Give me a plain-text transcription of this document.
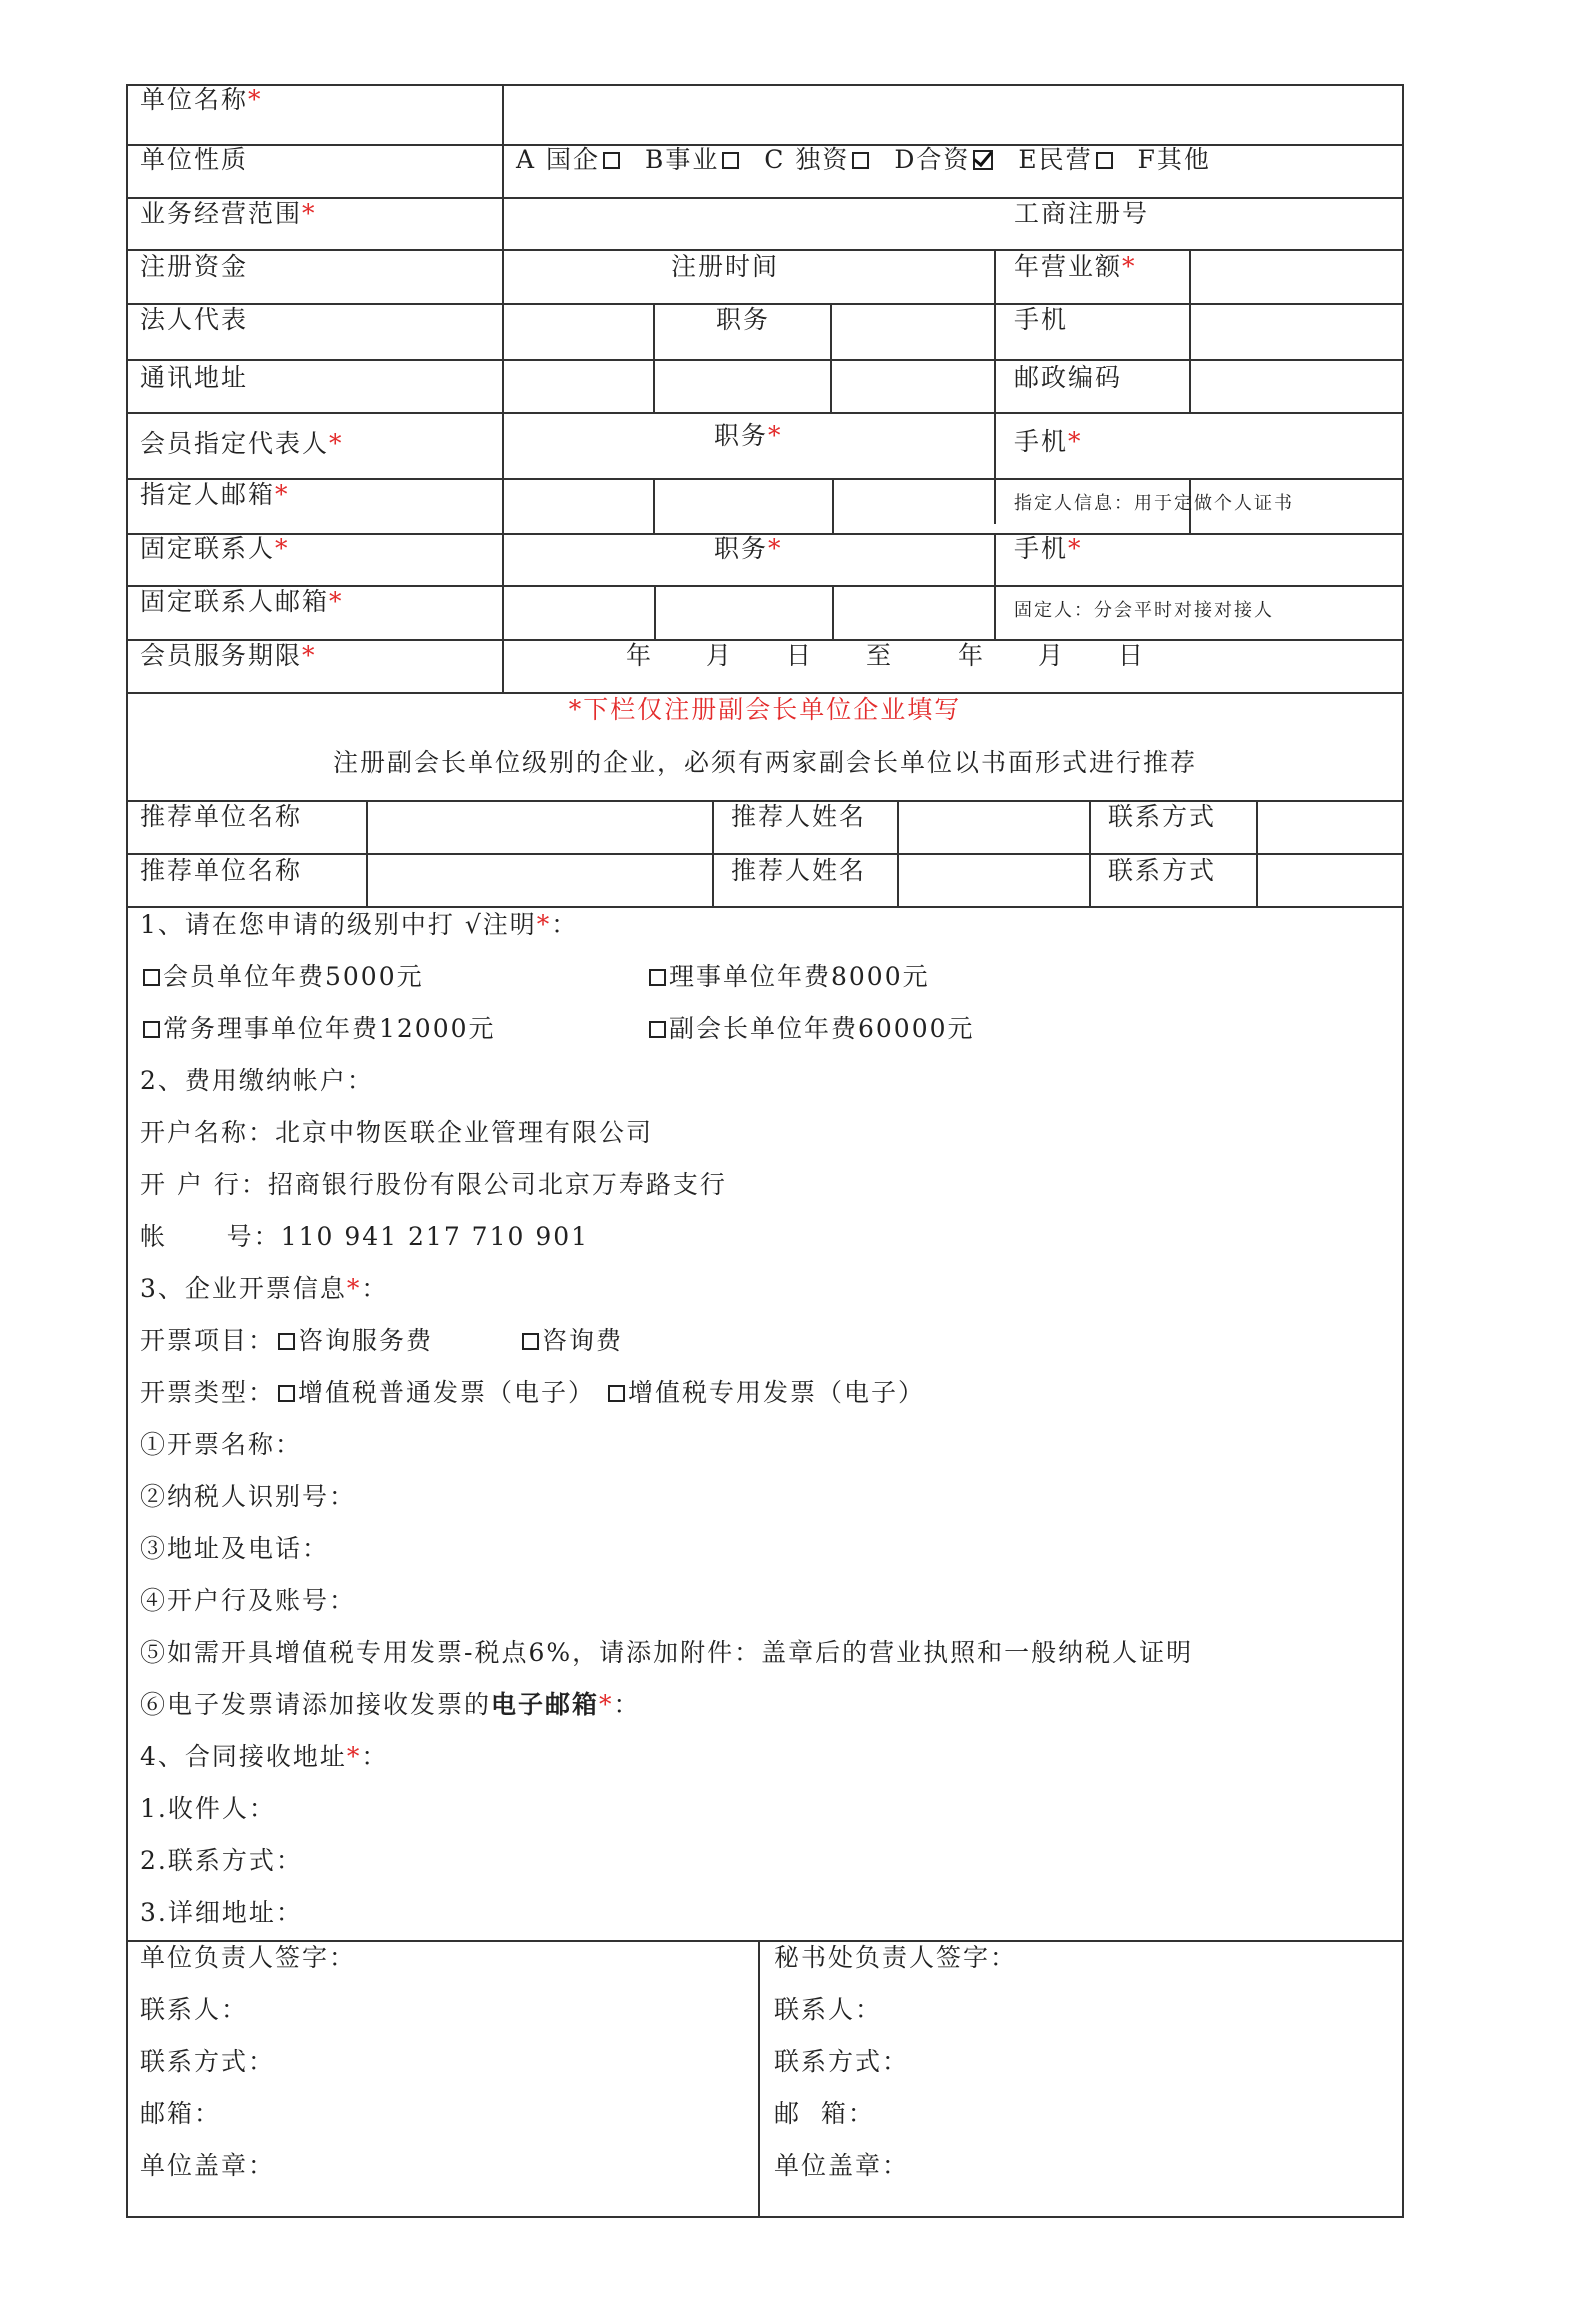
单位名称*
单位性质	A 国企 B事业 C 独资 D合资 E民营 F其他
业务经营范围*	工商注册号
注册资金	注册时间	年营业额*
法人代表	职务	手机
通讯地址	邮政编码
会员指定代表人*	职务*	手机*
指定人邮箱*	指定人信息：用于定做个人证书
固定联系人*	职务*	手机*
固定联系人邮箱*	固定人：分会平时对接对接人
会员服务期限*	年 月 日 至	年 月 日
*下栏仅注册副会长单位企业填写
注册副会长单位级别的企业，必须有两家副会长单位以书面形式进行推荐
推荐单位名称	推荐人姓名	联系方式
推荐单位名称	推荐人姓名	联系方式
1、请在您申请的级别中打 √注明*：
会员单位年费5000元	理事单位年费8000元
常务理事单位年费12000元	副会长单位年费60000元
2、费用缴纳帐户：
开户名称：北京中物医联企业管理有限公司
开 户 行：招商银行股份有限公司北京万寿路支行
帐      号：110 941 217 710 901
3、企业开票信息*：
开票项目： 咨询服务费	咨询费
开票类型： 增值税普通发票（电子） 增值税专用发票（电子）
①开票名称：
②纳税人识别号：
③地址及电话：
④开户行及账号：
⑤如需开具增值税专用发票-税点6%，请添加附件：盖章后的营业执照和一般纳税人证明
⑥电子发票请添加接收发票的电子邮箱*：
4、合同接收地址*：
1.收件人：
2.联系方式：
3.详细地址：
单位负责人签字：
联系人：
联系方式：
邮箱：
单位盖章：
秘书处负责人签字：
联系人：
联系方式：
邮  箱：
单位盖章：
